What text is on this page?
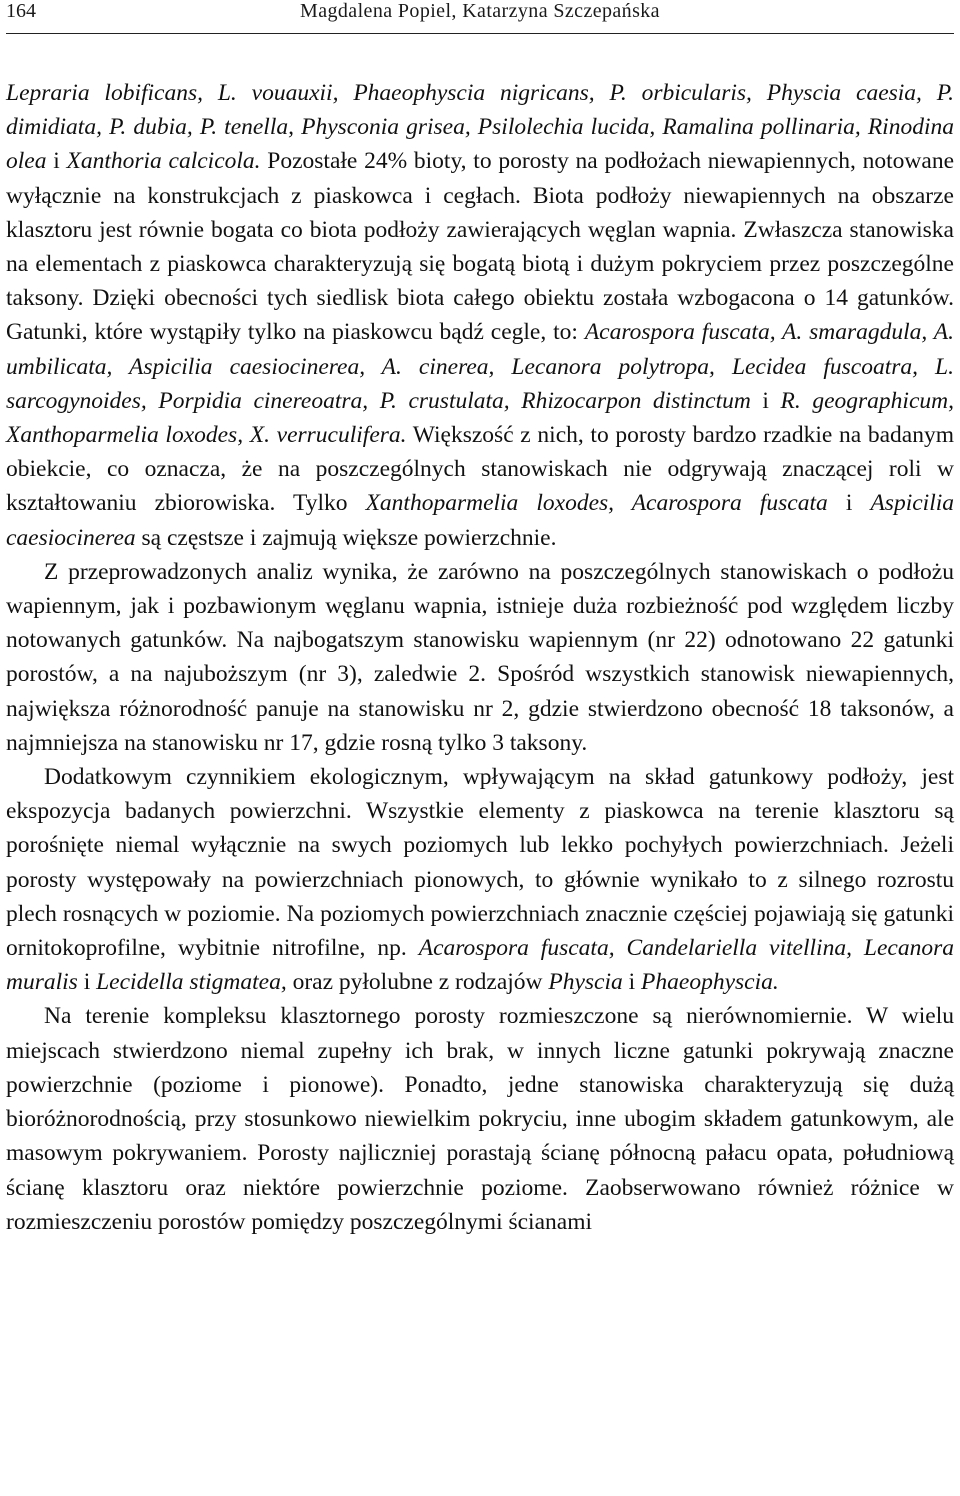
164	Magdalena Popiel, Katarzyna Szczepańska

Lepraria lobificans, L. vouauxii, Phaeophyscia nigricans, P. orbicularis, Physcia caesia, P. dimidiata, P. dubia, P. tenella, Physconia grisea, Psilolechia lucida, Ramalina pollinaria, Rinodina olea i Xanthoria calcicola. Pozostałe 24% bioty, to porosty na podłożach niewapiennych, notowane wyłącznie na konstrukcjach z piaskowca i cegłach. Biota podłoży niewapiennych na obszarze klasztoru jest równie bogata co biota podłoży zawierających węglan wapnia. Zwłaszcza stanowiska na elementach z piaskowca charakteryzują się bogatą biotą i dużym pokryciem przez poszczególne taksony. Dzięki obecności tych siedlisk biota całego obiektu została wzbogacona o 14 gatunków. Gatunki, które wystąpiły tylko na piaskowcu bądź cegle, to: Acarospora fuscata, A. smaragdula, A. umbilicata, Aspicilia caesiocinerea, A. cinerea, Lecanora polytropa, Lecidea fuscoatra, L. sarcogynoides, Porpidia cinereoatra, P. crustulata, Rhizocarpon distinctum i R. geographicum, Xanthoparmelia loxodes, X. verruculifera. Większość z nich, to porosty bardzo rzadkie na badanym obiekcie, co oznacza, że na poszczególnych stanowiskach nie odgrywają znaczącej roli w kształtowaniu zbiorowiska. Tylko Xanthoparmelia loxodes, Acarospora fuscata i Aspicilia caesiocinerea są częstsze i zajmują większe powierzchnie.

Z przeprowadzonych analiz wynika, że zarówno na poszczególnych stanowiskach o podłożu wapiennym, jak i pozbawionym węglanu wapnia, istnieje duża rozbieżność pod względem liczby notowanych gatunków. Na najbogatszym stanowisku wapiennym (nr 22) odnotowano 22 gatunki porostów, a na najuboższym (nr 3), zaledwie 2. Spośród wszystkich stanowisk niewapiennych, największa różnorodność panuje na stanowisku nr 2, gdzie stwierdzono obecność 18 taksonów, a najmniejsza na stanowisku nr 17, gdzie rosną tylko 3 taksony.

Dodatkowym czynnikiem ekologicznym, wpływającym na skład gatunkowy podłoży, jest ekspozycja badanych powierzchni. Wszystkie elementy z piaskowca na terenie klasztoru są porośnięte niemal wyłącznie na swych poziomych lub lekko pochyłych powierzchniach. Jeżeli porosty występowały na powierzchniach pionowych, to głównie wynikało to z silnego rozrostu plech rosnących w poziomie. Na poziomych powierzchniach znacznie częściej pojawiają się gatunki ornitokoprofilne, wybitnie nitrofilne, np. Acarospora fuscata, Candelariella vitellina, Lecanora muralis i Lecidella stigmatea, oraz pyłolubne z rodzajów Physcia i Phaeophyscia.

Na terenie kompleksu klasztornego porosty rozmieszczone są nierównomiernie. W wielu miejscach stwierdzono niemal zupełny ich brak, w innych liczne gatunki pokrywają znaczne powierzchnie (poziome i pionowe). Ponadto, jedne stanowiska charakteryzują się dużą bioróżnorodnością, przy stosunkowo niewielkim pokryciu, inne ubogim składem gatunkowym, ale masowym pokrywaniem. Porosty najliczniej porastają ścianę północną pałacu opata, południową ścianę klasztoru oraz niektóre powierzchnie poziome. Zaobserwowano również różnice w rozmieszczeniu porostów pomiędzy poszczególnymi ścianami
